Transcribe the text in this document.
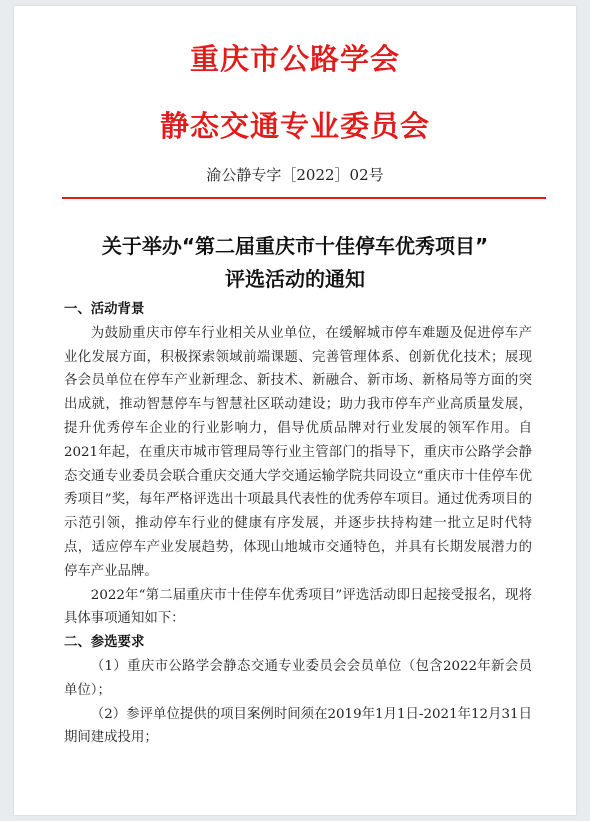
重庆市公路学会
静态交通专业委员会
渝公静专字［2022］02号
关于举办“第二届重庆市十佳停车优秀项目”
评选活动的通知
一、活动背景

为鼓励重庆市停车行业相关从业单位，在缓解城市停车难题及促进停车产业化发展方面，积极探索领域前端课题、完善管理体系、创新优化技术；展现各会员单位在停车产业新理念、新技术、新融合、新市场、新格局等方面的突出成就，推动智慧停车与智慧社区联动建设；助力我市停车产业高质量发展，提升优秀停车企业的行业影响力，倡导优质品牌对行业发展的领军作用。自2021年起，在重庆市城市管理局等行业主管部门的指导下，重庆市公路学会静态交通专业委员会联合重庆交通大学交通运输学院共同设立“重庆市十佳停车优秀项目”奖，每年严格评选出十项最具代表性的优秀停车项目。通过优秀项目的示范引领，推动停车行业的健康有序发展，并逐步扶持构建一批立足时代特点，适应停车产业发展趋势，体现山地城市交通特色，并具有长期发展潜力的停车产业品牌。

2022年“第二届重庆市十佳停车优秀项目”评选活动即日起接受报名，现将具体事项通知如下：

二、参选要求

（1）重庆市公路学会静态交通专业委员会会员单位（包含2022年新会员单位）；

（2）参评单位提供的项目案例时间须在2019年1月1日-2021年12月31日期间建成投用；
